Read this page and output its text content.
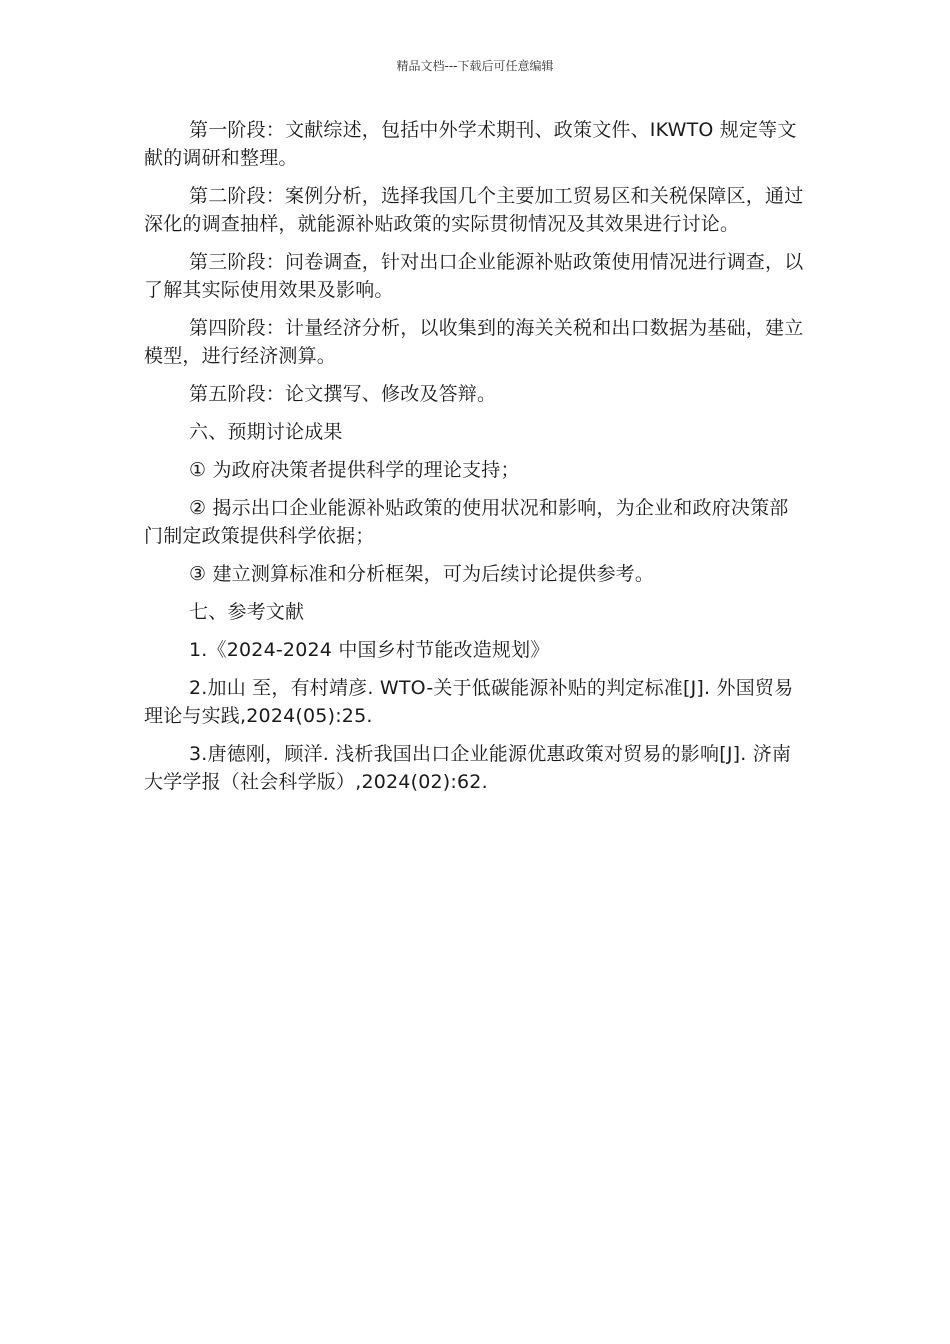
精品文档---下载后可任意编辑

第一阶段：文献综述，包括中外学术期刊、政策文件、IKWTO 规定等文献的调研和整理。

第二阶段：案例分析，选择我国几个主要加工贸易区和关税保障区，通过深化的调查抽样，就能源补贴政策的实际贯彻情况及其效果进行讨论。

第三阶段：问卷调查，针对出口企业能源补贴政策使用情况进行调查，以了解其实际使用效果及影响。

第四阶段：计量经济分析，以收集到的海关关税和出口数据为基础，建立模型，进行经济测算。

第五阶段：论文撰写、修改及答辩。

六、预期讨论成果

① 为政府决策者提供科学的理论支持；

② 揭示出口企业能源补贴政策的使用状况和影响，为企业和政府决策部门制定政策提供科学依据；

③ 建立测算标准和分析框架，可为后续讨论提供参考。

七、参考文献

1.《2024-2024 中国乡村节能改造规划》

2.加山 至，有村靖彦. WTO-关于低碳能源补贴的判定标准[J]. 外国贸易理论与实践,2024(05):25.

3.唐德刚，顾洋. 浅析我国出口企业能源优惠政策对贸易的影响[J]. 济南大学学报（社会科学版）,2024(02):62.
